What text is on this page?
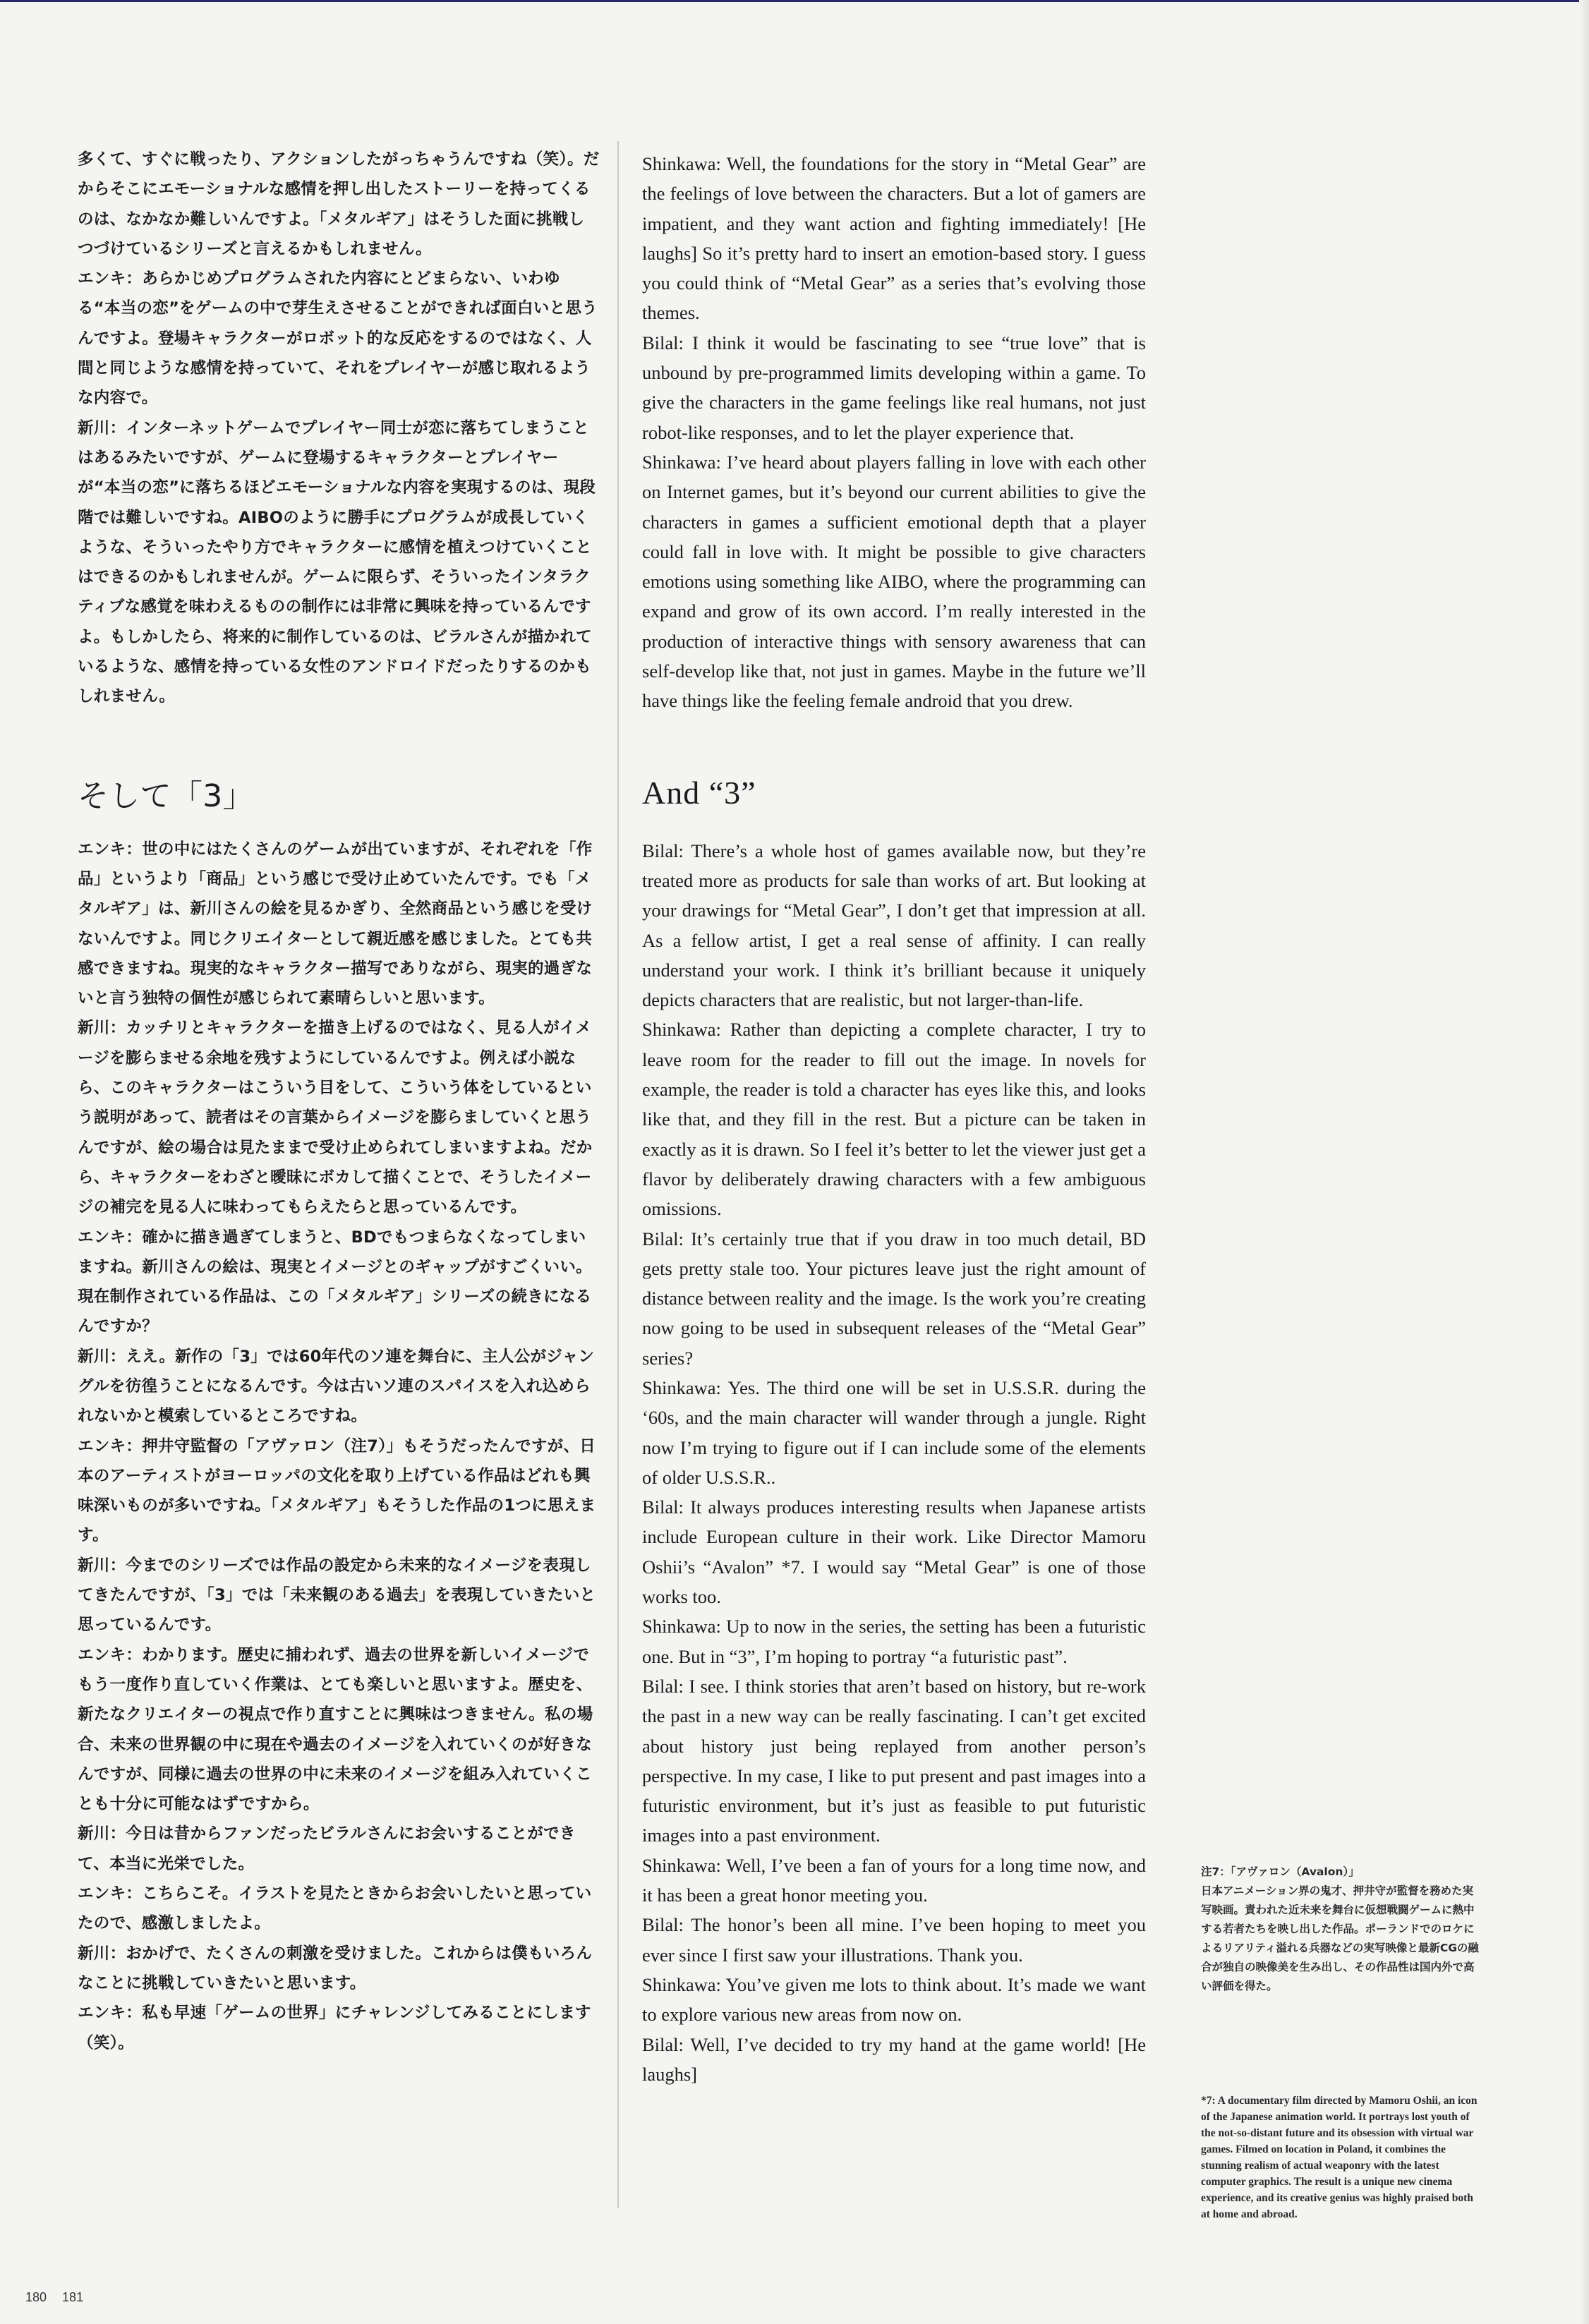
多くて、すぐに戦ったり、アクションしたがっちゃうんですね（笑）。だからそこにエモーショナルな感情を押し出したストーリーを持ってくるのは、なかなか難しいんですよ。「メタルギア」はそうした面に挑戦しつづけているシリーズと言えるかもしれません。

エンキ：あらかじめプログラムされた内容にとどまらない、いわゆる“本当の恋”をゲームの中で芽生えさせることができれば面白いと思うんですよ。登場キャラクターがロボット的な反応をするのではなく、人間と同じような感情を持っていて、それをプレイヤーが感じ取れるような内容で。

新川：インターネットゲームでプレイヤー同士が恋に落ちてしまうことはあるみたいですが、ゲームに登場するキャラクターとプレイヤーが“本当の恋”に落ちるほどエモーショナルな内容を実現するのは、現段階では難しいですね。AIBOのように勝手にプログラムが成長していくような、そういったやり方でキャラクターに感情を植えつけていくことはできるのかもしれませんが。ゲームに限らず、そういったインタラクティブな感覚を味わえるものの制作には非常に興味を持っているんですよ。もしかしたら、将来的に制作しているのは、ビラルさんが描かれているような、感情を持っている女性のアンドロイドだったりするのかもしれません。

そして「3」

エンキ：世の中にはたくさんのゲームが出ていますが、それぞれを「作品」というより「商品」という感じで受け止めていたんです。でも「メタルギア」は、新川さんの絵を見るかぎり、全然商品という感じを受けないんですよ。同じクリエイターとして親近感を感じました。とても共感できますね。現実的なキャラクター描写でありながら、現実的過ぎないと言う独特の個性が感じられて素晴らしいと思います。

新川：カッチリとキャラクターを描き上げるのではなく、見る人がイメージを膨らませる余地を残すようにしているんですよ。例えば小説なら、このキャラクターはこういう目をして、こういう体をしているという説明があって、読者はその言葉からイメージを膨らましていくと思うんですが、絵の場合は見たままで受け止められてしまいますよね。だから、キャラクターをわざと曖昧にボカして描くことで、そうしたイメージの補完を見る人に味わってもらえたらと思っているんです。

エンキ：確かに描き過ぎてしまうと、BDでもつまらなくなってしまいますね。新川さんの絵は、現実とイメージとのギャップがすごくいい。現在制作されている作品は、この「メタルギア」シリーズの続きになるんですか？

新川：ええ。新作の「3」では60年代のソ連を舞台に、主人公がジャングルを彷徨うことになるんです。今は古いソ連のスパイスを入れ込められないかと模索しているところですね。

エンキ：押井守監督の「アヴァロン（注7）」もそうだったんですが、日本のアーティストがヨーロッパの文化を取り上げている作品はどれも興味深いものが多いですね。「メタルギア」もそうした作品の1つに思えます。

新川：今までのシリーズでは作品の設定から未来的なイメージを表現してきたんですが、「3」では「未来観のある過去」を表現していきたいと思っているんです。

エンキ：わかります。歴史に捕われず、過去の世界を新しいイメージでもう一度作り直していく作業は、とても楽しいと思いますよ。歴史を、新たなクリエイターの視点で作り直すことに興味はつきません。私の場合、未来の世界観の中に現在や過去のイメージを入れていくのが好きなんですが、同様に過去の世界の中に未来のイメージを組み入れていくことも十分に可能なはずですから。

新川：今日は昔からファンだったビラルさんにお会いすることができて、本当に光栄でした。

エンキ：こちらこそ。イラストを見たときからお会いしたいと思っていたので、感激しましたよ。

新川：おかげで、たくさんの刺激を受けました。これからは僕もいろんなことに挑戦していきたいと思います。

エンキ：私も早速「ゲームの世界」にチャレンジしてみることにします（笑）。

Shinkawa: Well, the foundations for the story in “Metal Gear” are the feelings of love between the characters. But a lot of gamers are impatient, and they want action and fighting immediately! [He laughs] So it’s pretty hard to insert an emotion-based story. I guess you could think of “Metal Gear” as a series that’s evolving those themes.

Bilal: I think it would be fascinating to see “true love” that is unbound by pre-programmed limits developing within a game. To give the characters in the game feelings like real humans, not just robot-like responses, and to let the player experience that.

Shinkawa: I’ve heard about players falling in love with each other on Internet games, but it’s beyond our current abilities to give the characters in games a sufficient emotional depth that a player could fall in love with. It might be possible to give characters emotions using something like AIBO, where the programming can expand and grow of its own accord. I’m really interested in the production of interactive things with sensory awareness that can self-develop like that, not just in games. Maybe in the future we’ll have things like the feeling female android that you drew.

And “3”

Bilal: There’s a whole host of games available now, but they’re treated more as products for sale than works of art. But looking at your drawings for “Metal Gear”, I don’t get that impression at all. As a fellow artist, I get a real sense of affinity. I can really understand your work. I think it’s brilliant because it uniquely depicts characters that are realistic, but not larger-than-life.

Shinkawa: Rather than depicting a complete character, I try to leave room for the reader to fill out the image. In novels for example, the reader is told a character has eyes like this, and looks like that, and they fill in the rest. But a picture can be taken in exactly as it is drawn. So I feel it’s better to let the viewer just get a flavor by deliberately drawing characters with a few ambiguous omissions.

Bilal: It’s certainly true that if you draw in too much detail, BD gets pretty stale too. Your pictures leave just the right amount of distance between reality and the image. Is the work you’re creating now going to be used in subsequent releases of the “Metal Gear” series?

Shinkawa: Yes. The third one will be set in U.S.S.R. during the ‘60s, and the main character will wander through a jungle. Right now I’m trying to figure out if I can include some of the elements of older U.S.S.R..

Bilal: It always produces interesting results when Japanese artists include European culture in their work. Like Director Mamoru Oshii’s “Avalon” *7. I would say “Metal Gear” is one of those works too.

Shinkawa: Up to now in the series, the setting has been a futuristic one. But in “3”, I’m hoping to portray “a futuristic past”.

Bilal: I see. I think stories that aren’t based on history, but re-work the past in a new way can be really fascinating. I can’t get excited about history just being replayed from another person’s perspective. In my case, I like to put present and past images into a futuristic environment, but it’s just as feasible to put futuristic images into a past environment.

Shinkawa: Well, I’ve been a fan of yours for a long time now, and it has been a great honor meeting you.

Bilal: The honor’s been all mine. I’ve been hoping to meet you ever since I first saw your illustrations. Thank you.

Shinkawa: You’ve given me lots to think about. It’s made we want to explore various new areas from now on.

Bilal: Well, I’ve decided to try my hand at the game world! [He laughs]

注7：「アヴァロン（Avalon）」
日本アニメーション界の鬼才、押井守が監督を務めた実写映画。責われた近未来を舞台に仮想戦闘ゲームに熱中する若者たちを映し出した作品。ポーランドでのロケによるリアリティ溢れる兵器などの実写映像と最新CGの融合が独自の映像美を生み出し、その作品性は国内外で高い評価を得た。
*7: A documentary film directed by Mamoru Oshii, an icon of the Japanese animation world. It portrays lost youth of the not-so-distant future and its obsession with virtual war games. Filmed on location in Poland, it combines the stunning realism of actual weaponry with the latest computer graphics. The result is a unique new cinema experience, and its creative genius was highly praised both at home and abroad.
180 181
